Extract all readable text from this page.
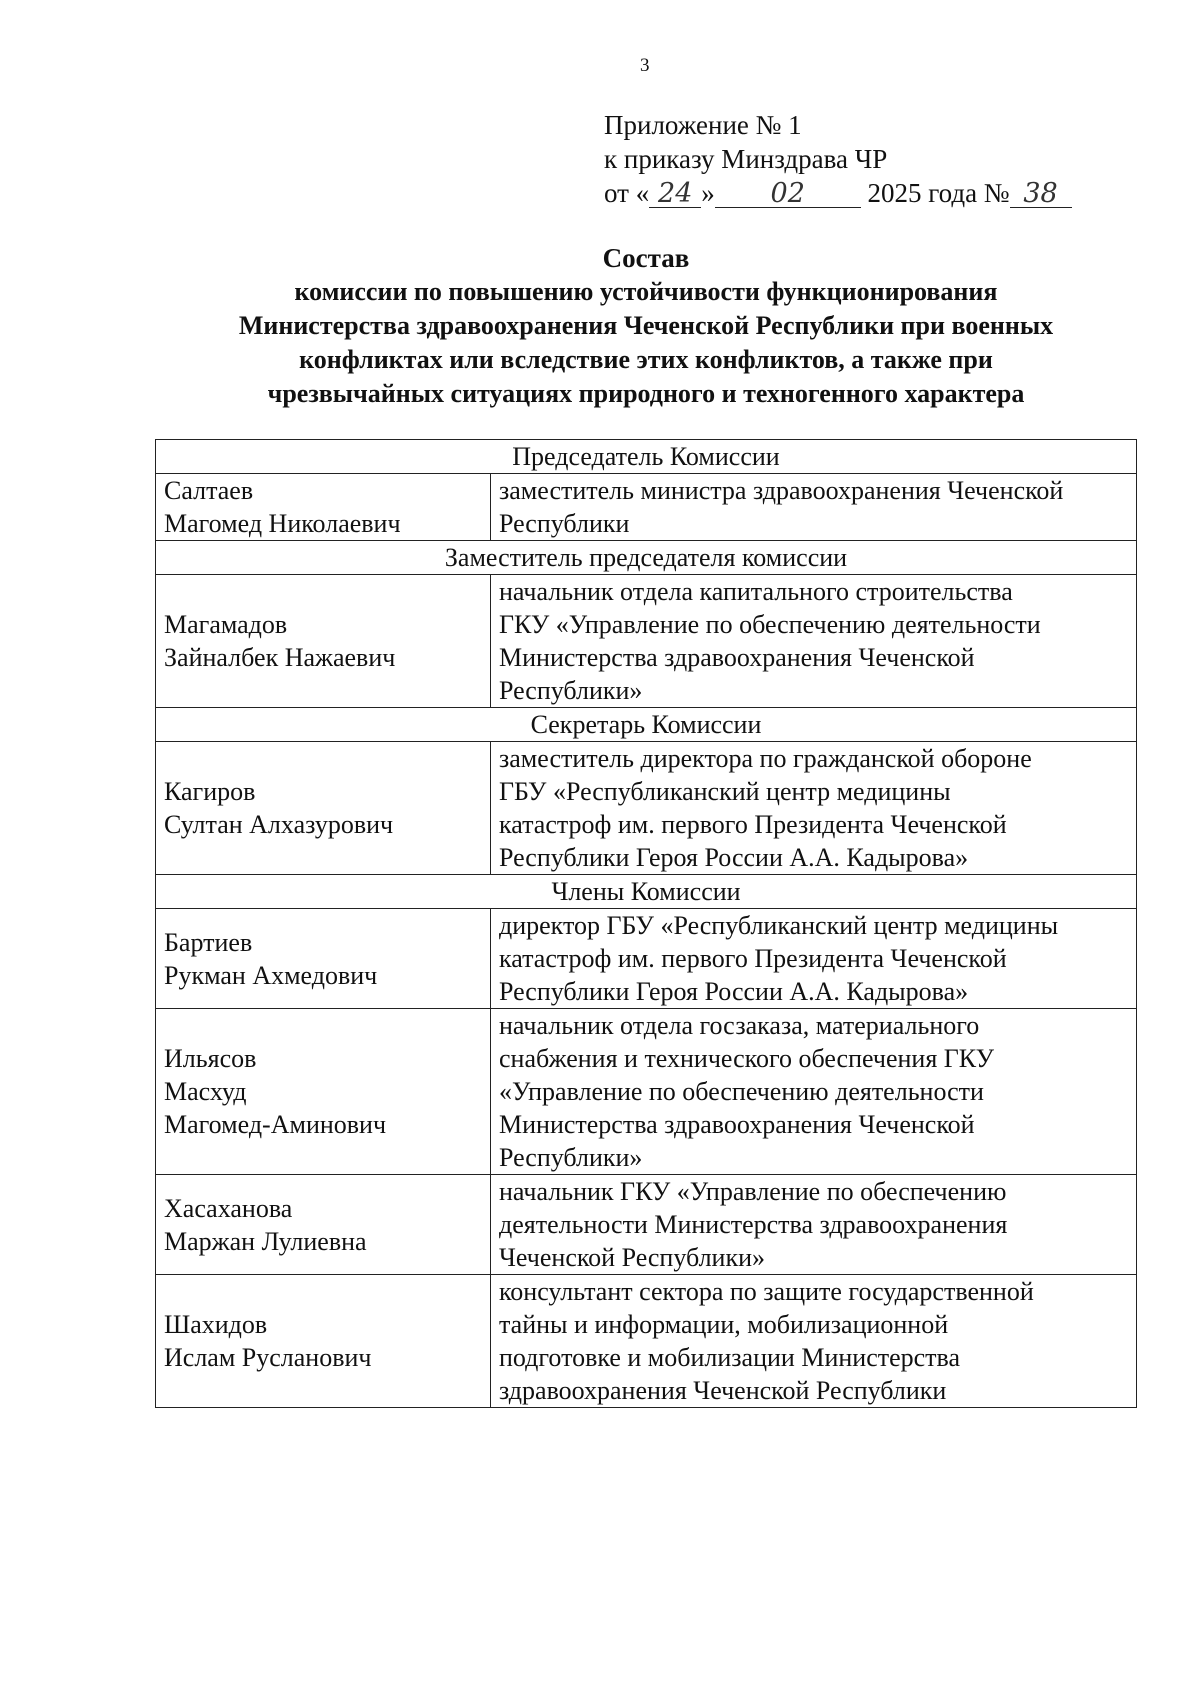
3
Приложение № 1
к приказу Минздрава ЧР
от « 24 » 02 2025 года № 38
Состав
комиссии по повышению устойчивости функционирования
Министерства здравоохранения Чеченской Республики при военных
конфликтах или вследствие этих конфликтов, а также при
чрезвычайных ситуациях природного и техногенного характера
Председатель Комиссии	

Салтаев
Магомед Николаевич	заместитель министра здравоохранения Чеченской
Республики

Заместитель председателя комиссии	

Магамадов
Зайналбек Нажаевич	начальник отдела капитального строительства
ГКУ «Управление по обеспечению деятельности
Министерства здравоохранения Чеченской
Республики»

Секретарь Комиссии	

Кагиров
Султан Алхазурович	заместитель директора по гражданской обороне
ГБУ «Республиканский центр медицины
катастроф им. первого Президента Чеченской
Республики Героя России А.А. Кадырова»

Члены Комиссии	

Бартиев
Рукман Ахмедович	директор ГБУ «Республиканский центр медицины
катастроф им. первого Президента Чеченской
Республики Героя России А.А. Кадырова»

Ильясов
Масхуд
Магомед-Аминович	начальник отдела госзаказа, материального
снабжения и технического обеспечения ГКУ
«Управление по обеспечению деятельности
Министерства здравоохранения Чеченской
Республики»

Хасаханова
Маржан Лулиевна	начальник ГКУ «Управление по обеспечению
деятельности Министерства здравоохранения
Чеченской Республики»

Шахидов
Ислам Русланович	консультант сектора по защите государственной
тайны и информации, мобилизационной
подготовке и мобилизации Министерства
здравоохранения Чеченской Республики
